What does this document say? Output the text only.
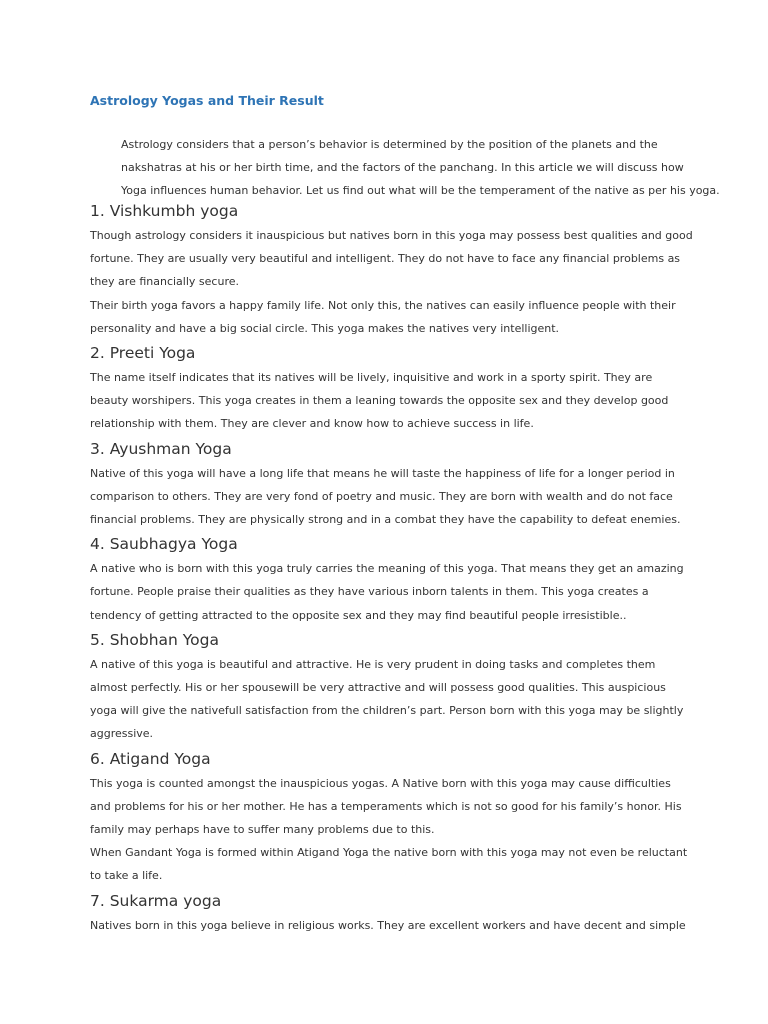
Astrology Yogas and Their Result
Astrology considers that a person’s behavior is determined by the position of the planets and the
nakshatras at his or her birth time, and the factors of the panchang. In this article we will discuss how
Yoga influences human behavior. Let us find out what will be the temperament of the native as per his yoga.
1. Vishkumbh yoga

Though astrology considers it inauspicious but natives born in this yoga may possess best qualities and good
fortune. They are usually very beautiful and intelligent. They do not have to face any financial problems as
they are financially secure.
Their birth yoga favors a happy family life. Not only this, the natives can easily influence people with their
personality and have a big social circle. This yoga makes the natives very intelligent.

2. Preeti Yoga

The name itself indicates that its natives will be lively, inquisitive and work in a sporty spirit. They are
beauty worshipers. This yoga creates in them a leaning towards the opposite sex and they develop good
relationship with them. They are clever and know how to achieve success in life.

3. Ayushman Yoga

Native of this yoga will have a long life that means he will taste the happiness of life for a longer period in
comparison to others. They are very fond of poetry and music. They are born with wealth and do not face
financial problems. They are physically strong and in a combat they have the capability to defeat enemies.

4. Saubhagya Yoga

A native who is born with this yoga truly carries the meaning of this yoga. That means they get an amazing
fortune. People praise their qualities as they have various inborn talents in them. This yoga creates a
tendency of getting attracted to the opposite sex and they may find beautiful people irresistible..

5. Shobhan Yoga

A native of this yoga is beautiful and attractive. He is very prudent in doing tasks and completes them
almost perfectly. His or her spousewill be very attractive and will possess good qualities. This auspicious
yoga will give the nativefull satisfaction from the children’s part. Person born with this yoga may be slightly
aggressive.

6. Atigand Yoga

This yoga is counted amongst the inauspicious yogas. A Native born with this yoga may cause difficulties
and problems for his or her mother. He has a temperaments which is not so good for his family’s honor. His
family may perhaps have to suffer many problems due to this.
When Gandant Yoga is formed within Atigand Yoga the native born with this yoga may not even be reluctant
to take a life.

7. Sukarma yoga

Natives born in this yoga believe in religious works. They are excellent workers and have decent and simple
